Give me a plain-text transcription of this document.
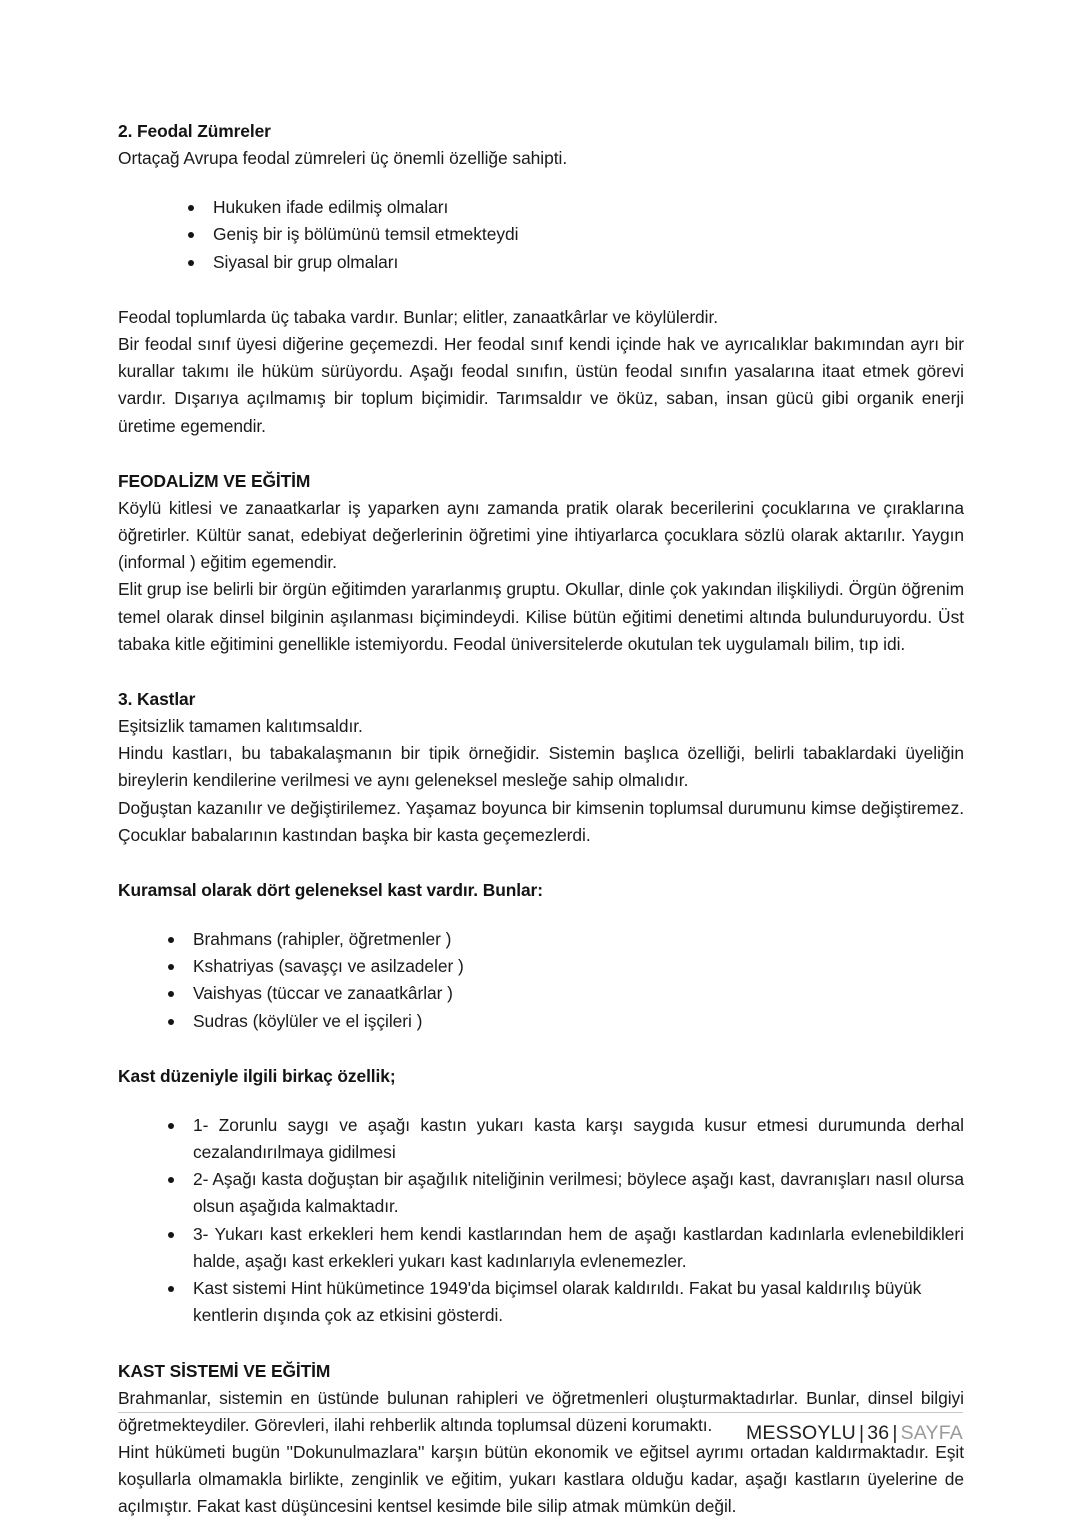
2. Feodal Zümreler

Ortaçağ Avrupa feodal zümreleri üç önemli özelliğe sahipti.

Hukuken ifade edilmiş olmaları
Geniş bir iş bölümünü temsil etmekteydi
Siyasal bir grup olmaları

Feodal toplumlarda üç tabaka vardır. Bunlar; elitler, zanaatkârlar ve köylülerdir.

Bir feodal sınıf üyesi diğerine geçemezdi. Her feodal sınıf kendi içinde hak ve ayrıcalıklar bakımından ayrı bir kurallar takımı ile hüküm sürüyordu. Aşağı feodal sınıfın, üstün feodal sınıfın yasalarına itaat etmek görevi vardır. Dışarıya açılmamış bir toplum biçimidir. Tarımsaldır ve öküz, saban, insan gücü gibi organik enerji üretime egemendir.

FEODALİZM VE EĞİTİM

Köylü kitlesi ve zanaatkarlar iş yaparken aynı zamanda pratik olarak becerilerini çocuklarına ve çıraklarına öğretirler. Kültür sanat, edebiyat değerlerinin öğretimi yine ihtiyarlarca çocuklara sözlü olarak aktarılır. Yaygın (informal ) eğitim egemendir.

Elit grup ise belirli bir örgün eğitimden yararlanmış gruptu. Okullar, dinle çok yakından ilişkiliydi. Örgün öğrenim temel olarak dinsel bilginin aşılanması biçimindeydi. Kilise bütün eğitimi denetimi altında bulunduruyordu. Üst tabaka kitle eğitimini genellikle istemiyordu. Feodal üniversitelerde okutulan tek uygulamalı bilim, tıp idi.

3. Kastlar

Eşitsizlik tamamen kalıtımsaldır.

Hindu kastları, bu tabakalaşmanın bir tipik örneğidir. Sistemin başlıca özelliği, belirli tabaklardaki üyeliğin bireylerin kendilerine verilmesi ve aynı geleneksel mesleğe sahip olmalıdır.

Doğuştan kazanılır ve değiştirilemez. Yaşamaz boyunca bir kimsenin toplumsal durumunu kimse değiştiremez. Çocuklar babalarının kastından başka bir kasta geçemezlerdi.

Kuramsal olarak dört geleneksel kast vardır. Bunlar:

Brahmans (rahipler, öğretmenler )
Kshatriyas (savaşçı ve asilzadeler )
Vaishyas (tüccar ve zanaatkârlar )
Sudras (köylüler ve el işçileri )

Kast düzeniyle ilgili birkaç özellik;

1- Zorunlu saygı ve aşağı kastın yukarı kasta karşı saygıda kusur etmesi durumunda derhal cezalandırılmaya gidilmesi
2- Aşağı kasta doğuştan bir aşağılık niteliğinin verilmesi; böylece aşağı kast, davranışları nasıl olursa olsun aşağıda kalmaktadır.
3- Yukarı kast erkekleri hem kendi kastlarından hem de aşağı kastlardan kadınlarla evlenebildikleri halde, aşağı kast erkekleri yukarı kast kadınlarıyla evlenemezler.
Kast sistemi Hint hükümetince 1949'da biçimsel olarak kaldırıldı. Fakat bu yasal kaldırılış büyük kentlerin dışında çok az etkisini gösterdi.

KAST SİSTEMİ VE EĞİTİM

Brahmanlar, sistemin en üstünde bulunan rahipleri ve öğretmenleri oluşturmaktadırlar. Bunlar, dinsel bilgiyi öğretmekteydiler. Görevleri, ilahi rehberlik altında toplumsal düzeni korumaktı.

Hint hükümeti bugün ''Dokunulmazlara'' karşın bütün ekonomik ve eğitsel ayrımı ortadan kaldırmaktadır. Eşit koşullarla olmamakla birlikte, zenginlik ve eğitim, yukarı kastlara olduğu kadar, aşağı kastların üyelerine de açılmıştır. Fakat kast düşüncesini kentsel kesimde bile silip atmak mümkün değil.

MESSOYLU | 36 | SAYFA
